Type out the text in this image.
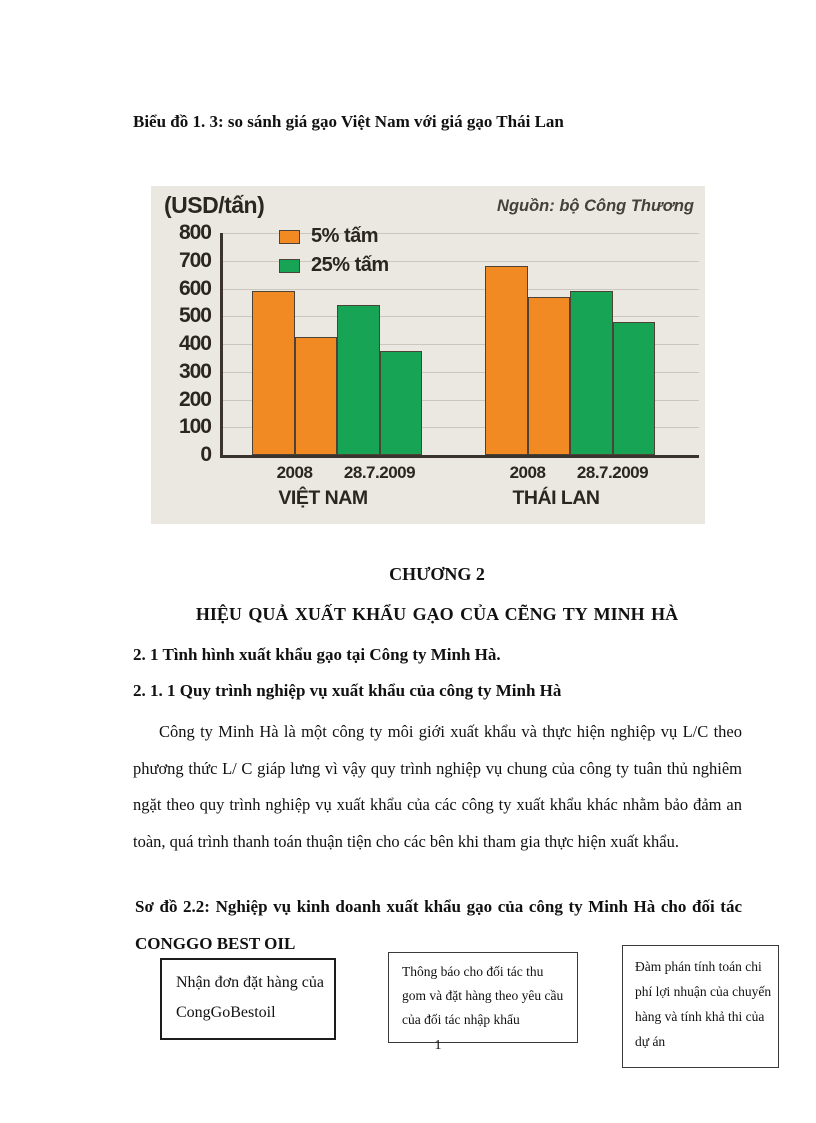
Biểu đồ 1. 3: so sánh giá gạo Việt Nam với giá gạo Thái Lan
(USD/tấn)	Nguồn: bộ Công Thương
800
700
600
500
400
300
200
100
0
5% tấm
25% tấm
2008 28.7.2009
VIỆT NAM
2008 28.7.2009
THÁI LAN
CHƯƠNG 2
HIỆU QUẢ XUẤT KHẨU GẠO CỦA CẼNG TY MINH HÀ
2. 1 Tình hình xuất khẩu gạo tại Công ty Minh Hà.
2. 1. 1 Quy trình nghiệp vụ xuất khẩu của công ty Minh Hà
Công ty Minh Hà là một công ty môi giới xuất khẩu và thực hiện nghiệp vụ L/C theo phương thức L/ C giáp lưng vì vậy quy trình nghiệp vụ chung của công ty tuân thủ nghiêm ngặt theo quy trình nghiệp vụ xuất khẩu của các công ty xuất khẩu khác nhằm bảo đảm an toàn, quá trình thanh toán thuận tiện cho các bên khi tham gia thực hiện xuất khẩu.
Sơ đồ 2.2: Nghiệp vụ kinh doanh xuất khẩu gạo của công ty Minh Hà cho đối tác CONGGO BEST OIL
Nhận đơn đặt hàng của CongGoBestoil
Thông báo cho đối tác thu gom và đặt hàng theo yêu cầu của đối tác nhập khẩu
Đàm phán tính toán chi phí lợi nhuận của chuyến hàng và tính khả thi của dự án
1
